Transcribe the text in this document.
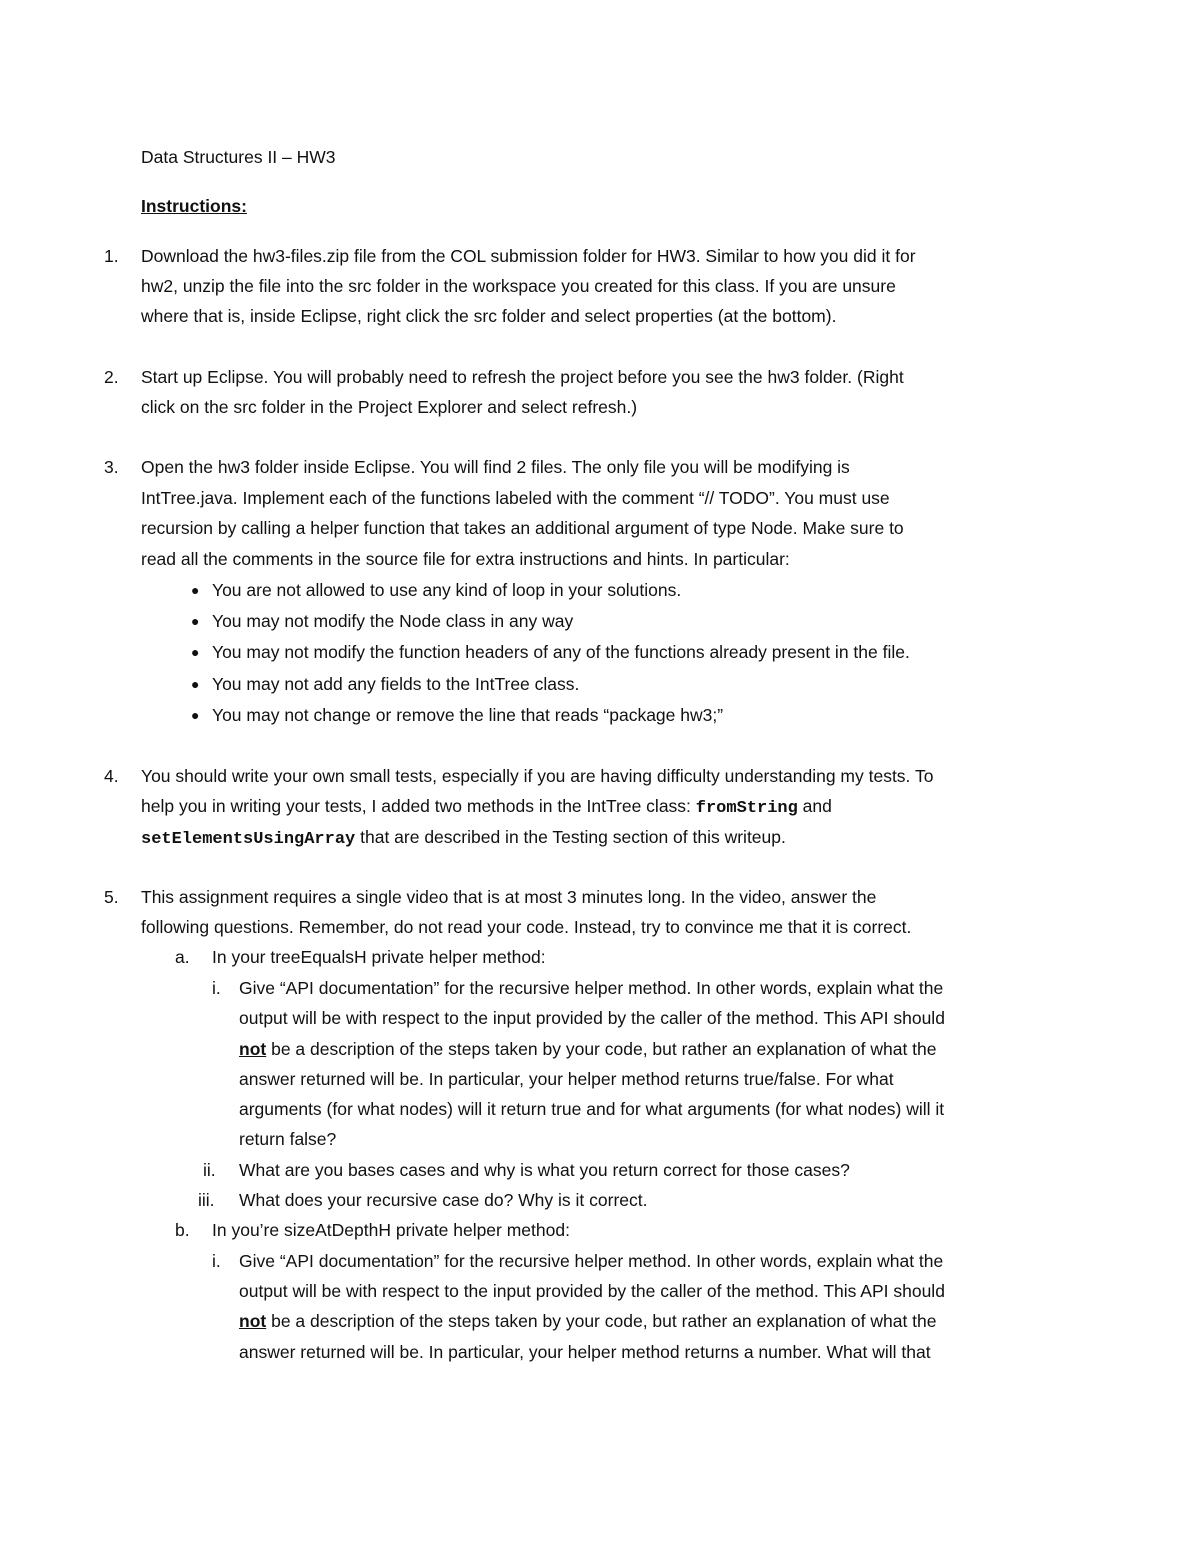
Data Structures II – HW3
Instructions:
1. Download the hw3-files.zip file from the COL submission folder for HW3. Similar to how you did it for
hw2, unzip the file into the src folder in the workspace you created for this class. If you are unsure
where that is, inside Eclipse, right click the src folder and select properties (at the bottom).
2. Start up Eclipse. You will probably need to refresh the project before you see the hw3 folder. (Right
click on the src folder in the Project Explorer and select refresh.)
3. Open the hw3 folder inside Eclipse. You will find 2 files. The only file you will be modifying is
IntTree.java. Implement each of the functions labeled with the comment “// TODO”. You must use
recursion by calling a helper function that takes an additional argument of type Node. Make sure to
read all the comments in the source file for extra instructions and hints. In particular:
● You are not allowed to use any kind of loop in your solutions.
● You may not modify the Node class in any way
● You may not modify the function headers of any of the functions already present in the file.
● You may not add any fields to the IntTree class.
● You may not change or remove the line that reads “package hw3;”
4. You should write your own small tests, especially if you are having difficulty understanding my tests. To
help you in writing your tests, I added two methods in the IntTree class: fromString and
setElementsUsingArray that are described in the Testing section of this writeup.
5. This assignment requires a single video that is at most 3 minutes long. In the video, answer the
following questions. Remember, do not read your code. Instead, try to convince me that it is correct.
a. In your treeEqualsH private helper method:
i. Give “API documentation” for the recursive helper method. In other words, explain what the
output will be with respect to the input provided by the caller of the method. This API should
not be a description of the steps taken by your code, but rather an explanation of what the
answer returned will be. In particular, your helper method returns true/false. For what
arguments (for what nodes) will it return true and for what arguments (for what nodes) will it
return false?
ii. What are you bases cases and why is what you return correct for those cases?
iii. What does your recursive case do? Why is it correct.
b. In you’re sizeAtDepthH private helper method:
i. Give “API documentation” for the recursive helper method. In other words, explain what the
output will be with respect to the input provided by the caller of the method. This API should
not be a description of the steps taken by your code, but rather an explanation of what the
answer returned will be. In particular, your helper method returns a number. What will that
